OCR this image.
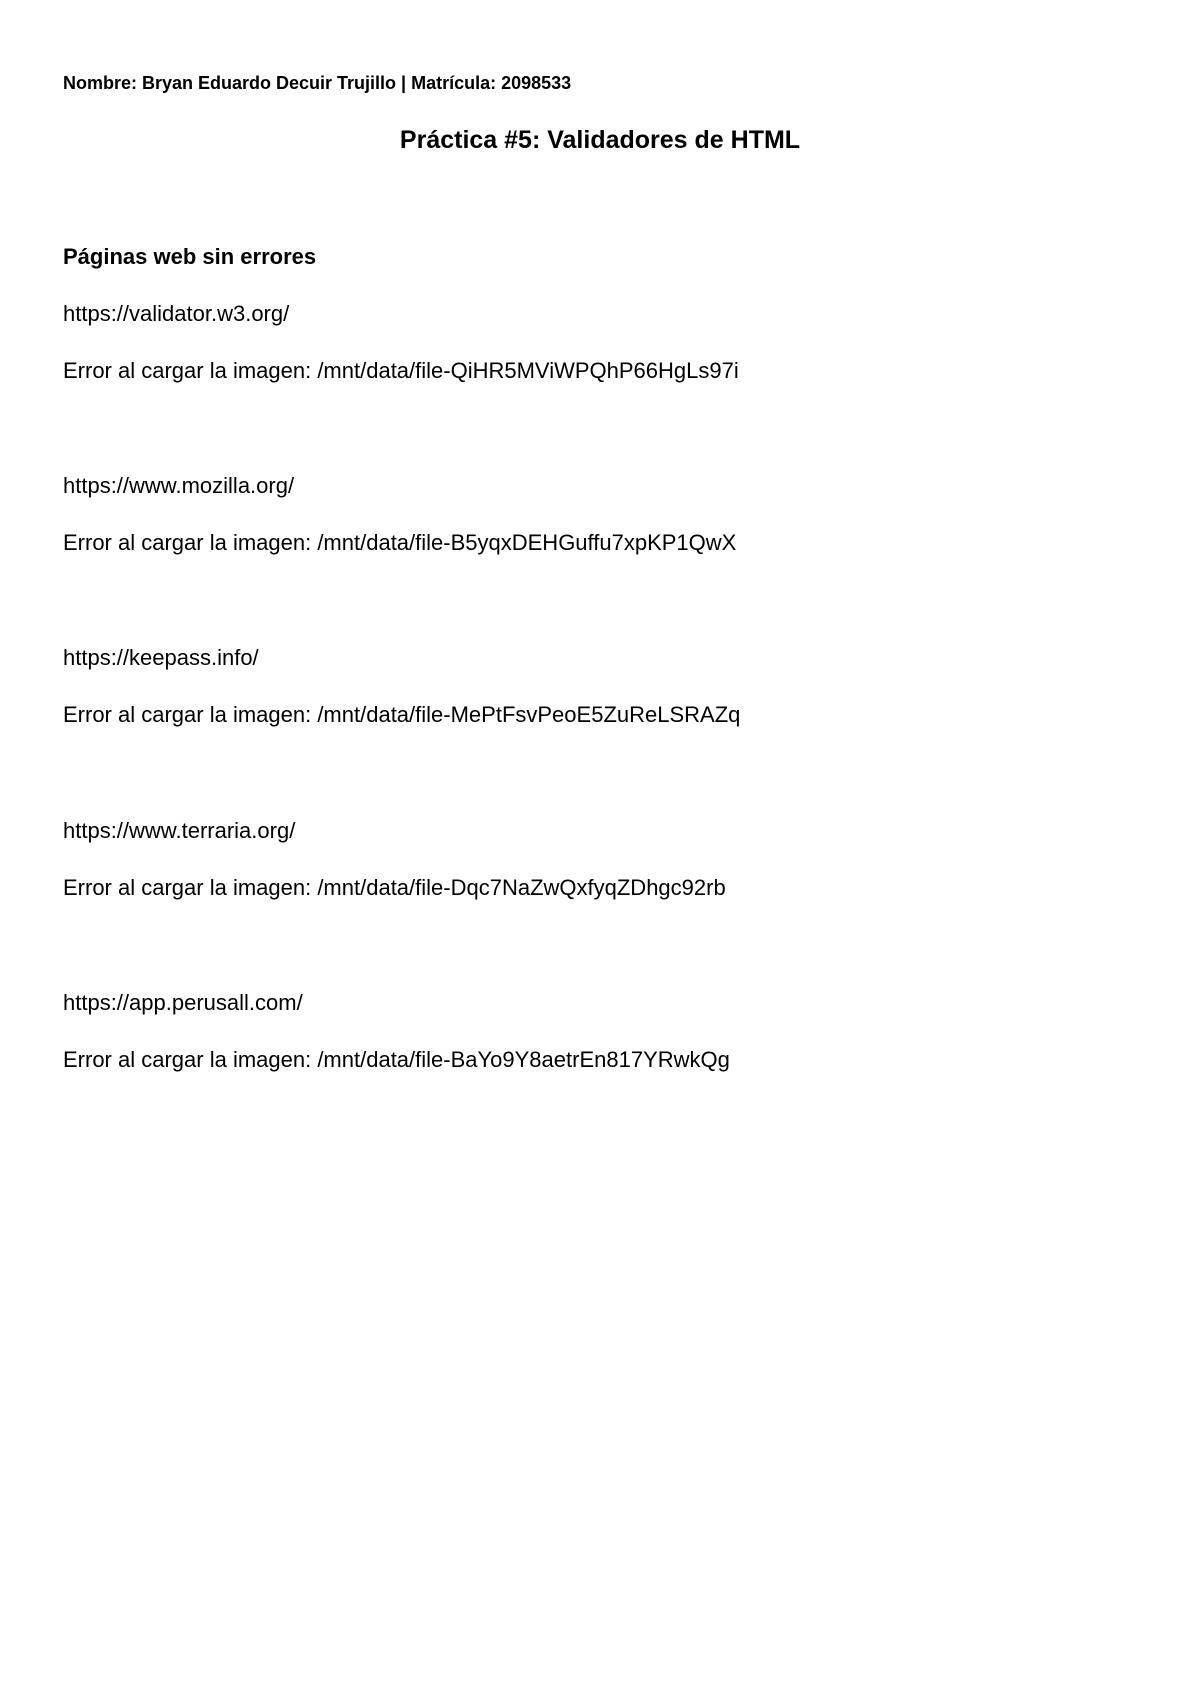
Nombre: Bryan Eduardo Decuir Trujillo | Matrícula: 2098533
Práctica #5: Validadores de HTML
Páginas web sin errores
https://validator.w3.org/
Error al cargar la imagen: /mnt/data/file-QiHR5MViWPQhP66HgLs97i
https://www.mozilla.org/
Error al cargar la imagen: /mnt/data/file-B5yqxDEHGuffu7xpKP1QwX
https://keepass.info/
Error al cargar la imagen: /mnt/data/file-MePtFsvPeoE5ZuReLSRAZq
https://www.terraria.org/
Error al cargar la imagen: /mnt/data/file-Dqc7NaZwQxfyqZDhgc92rb
https://app.perusall.com/
Error al cargar la imagen: /mnt/data/file-BaYo9Y8aetrEn817YRwkQg
